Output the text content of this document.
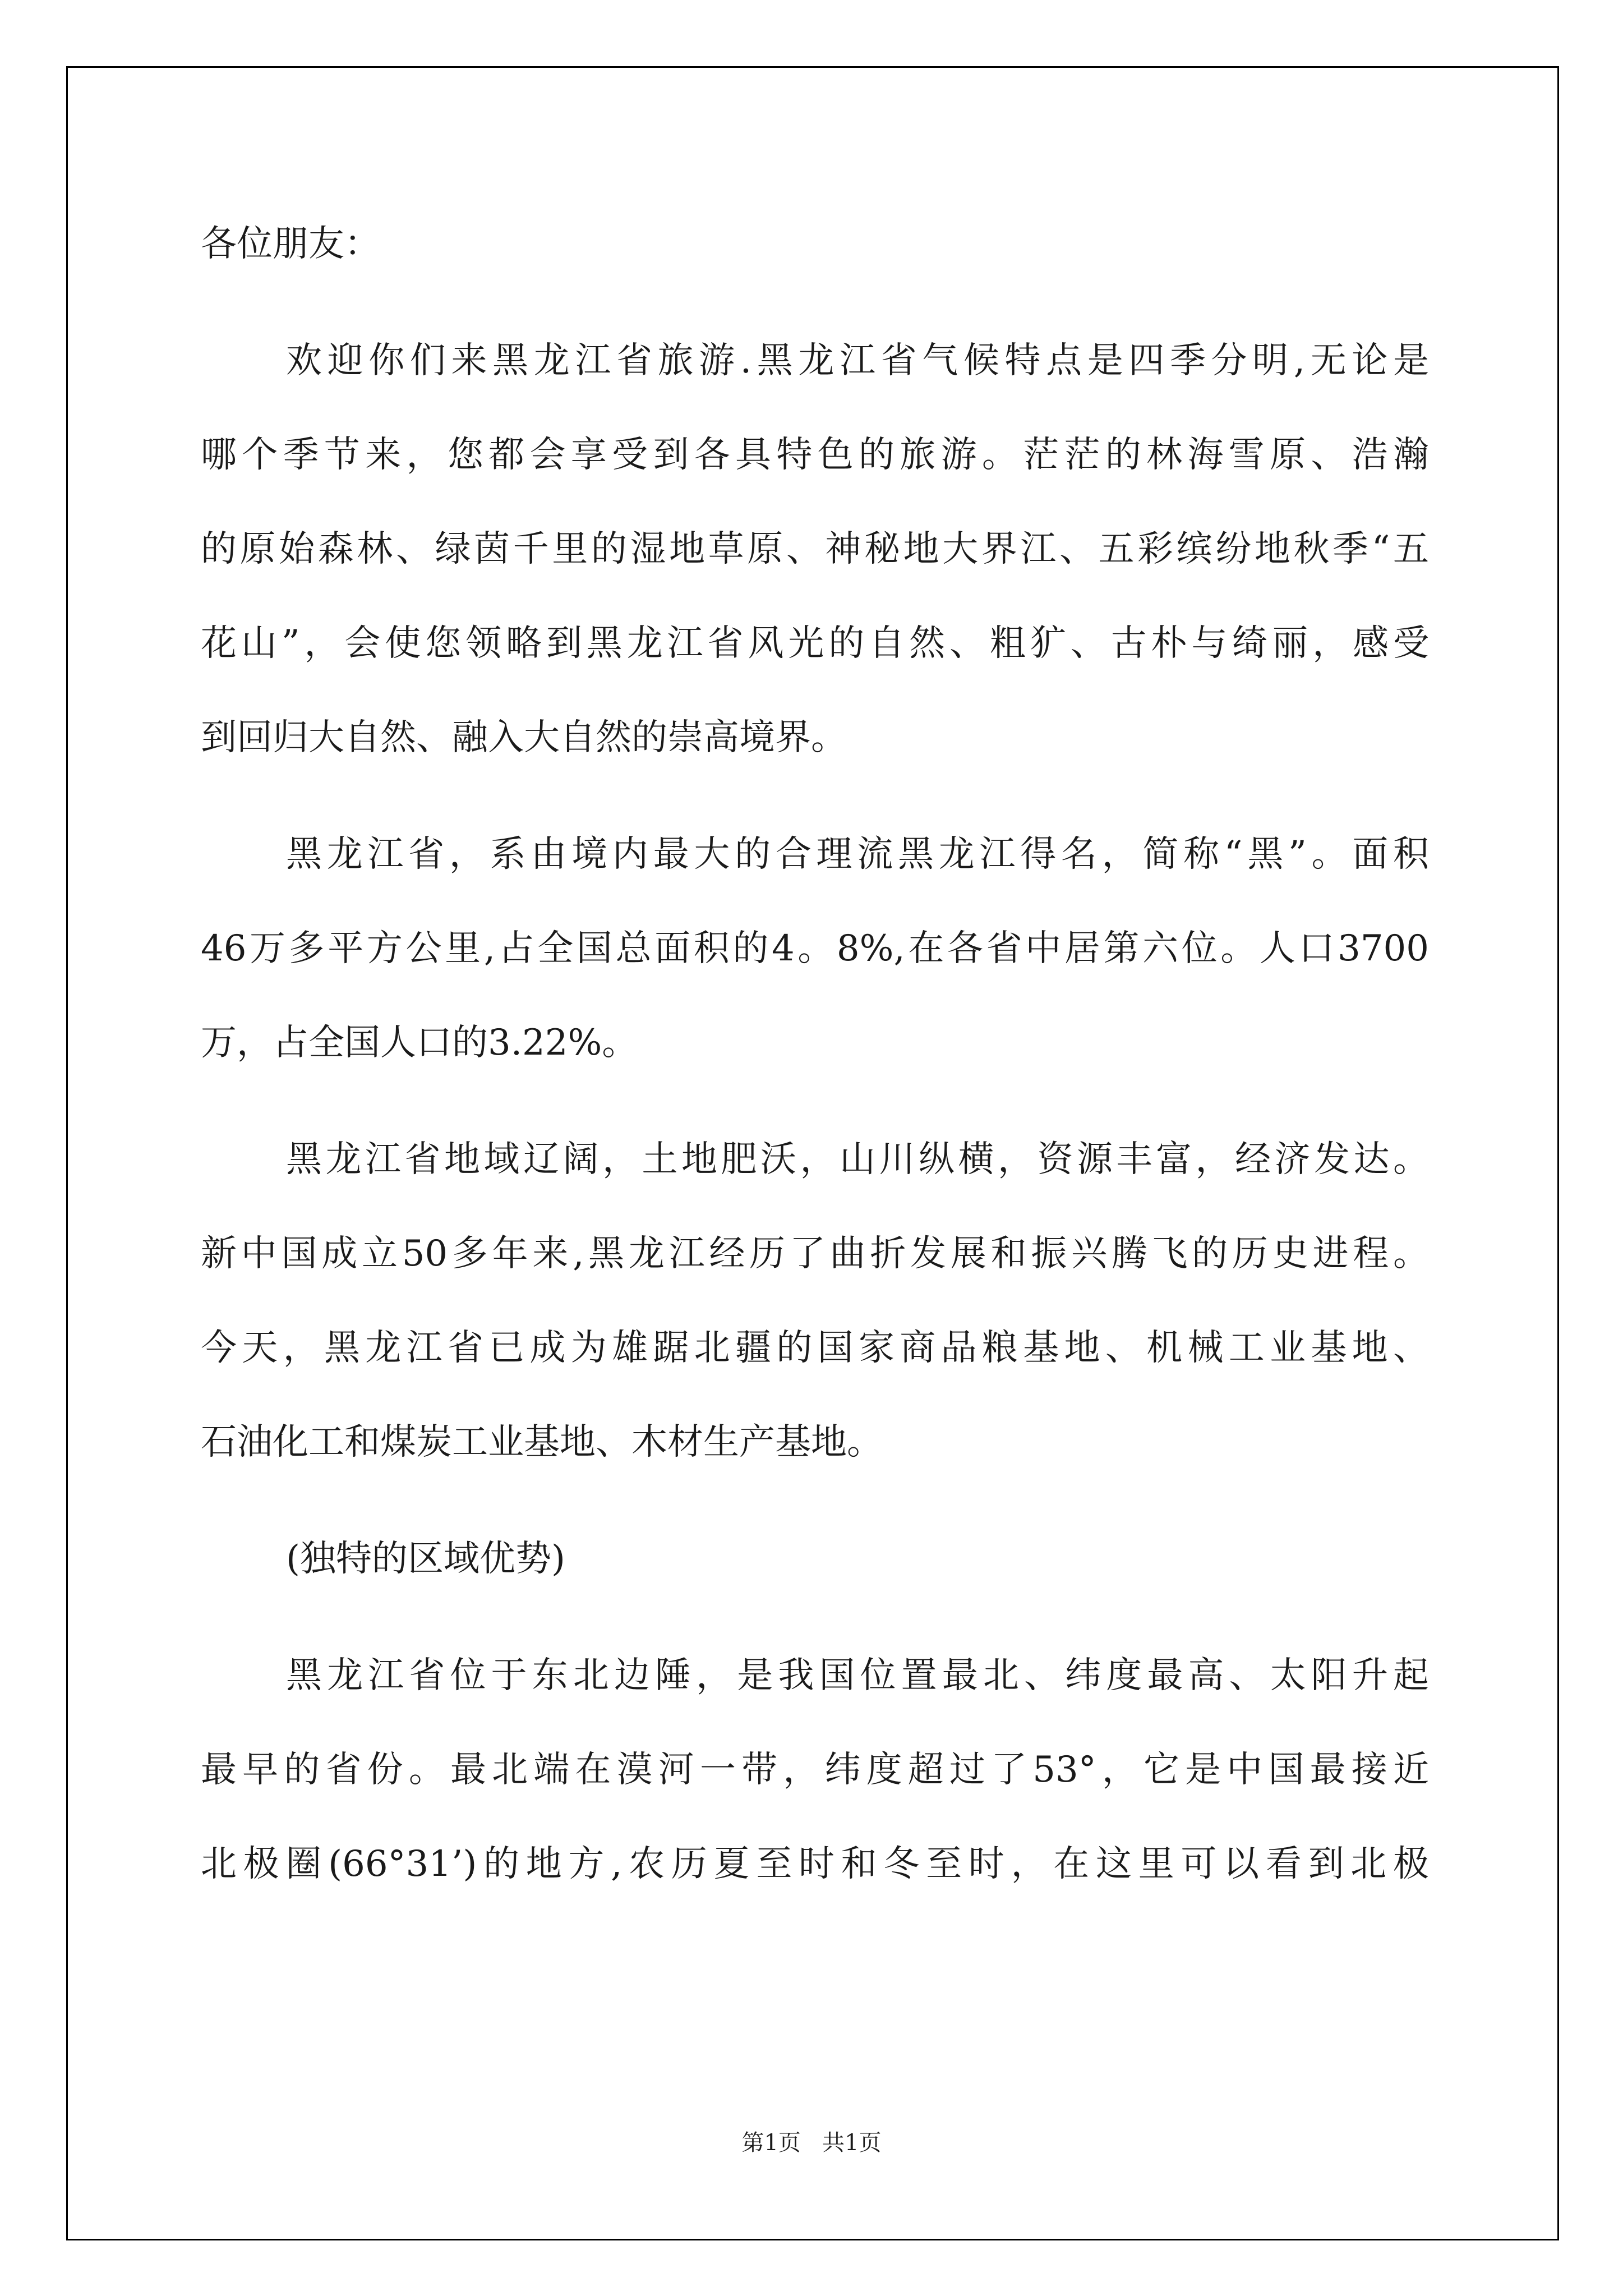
各位朋友：
欢迎你们来黑龙江省旅游.黑龙江省气候特点是四季分明,无论是
哪个季节来，您都会享受到各具特色的旅游。茫茫的林海雪原、浩瀚
的原始森林、绿茵千里的湿地草原、神秘地大界江、五彩缤纷地秋季“五
花山”，会使您领略到黑龙江省风光的自然、粗犷、古朴与绮丽，感受
到回归大自然、融入大自然的崇高境界。
黑龙江省，系由境内最大的合理流黑龙江得名，简称“黑”。面积
46万多平方公里,占全国总面积的4。8%,在各省中居第六位。人口3700
万，占全国人口的3.22%。
黑龙江省地域辽阔，土地肥沃，山川纵横，资源丰富，经济发达。
新中国成立50多年来,黑龙江经历了曲折发展和振兴腾飞的历史进程。
今天，黑龙江省已成为雄踞北疆的国家商品粮基地、机械工业基地、
石油化工和煤炭工业基地、木材生产基地。
(独特的区域优势)
黑龙江省位于东北边陲，是我国位置最北、纬度最高、太阳升起
最早的省份。最北端在漠河一带，纬度超过了53°，它是中国最接近
北极圈(66°31’)的地方,农历夏至时和冬至时，在这里可以看到北极
第1页   共1页
